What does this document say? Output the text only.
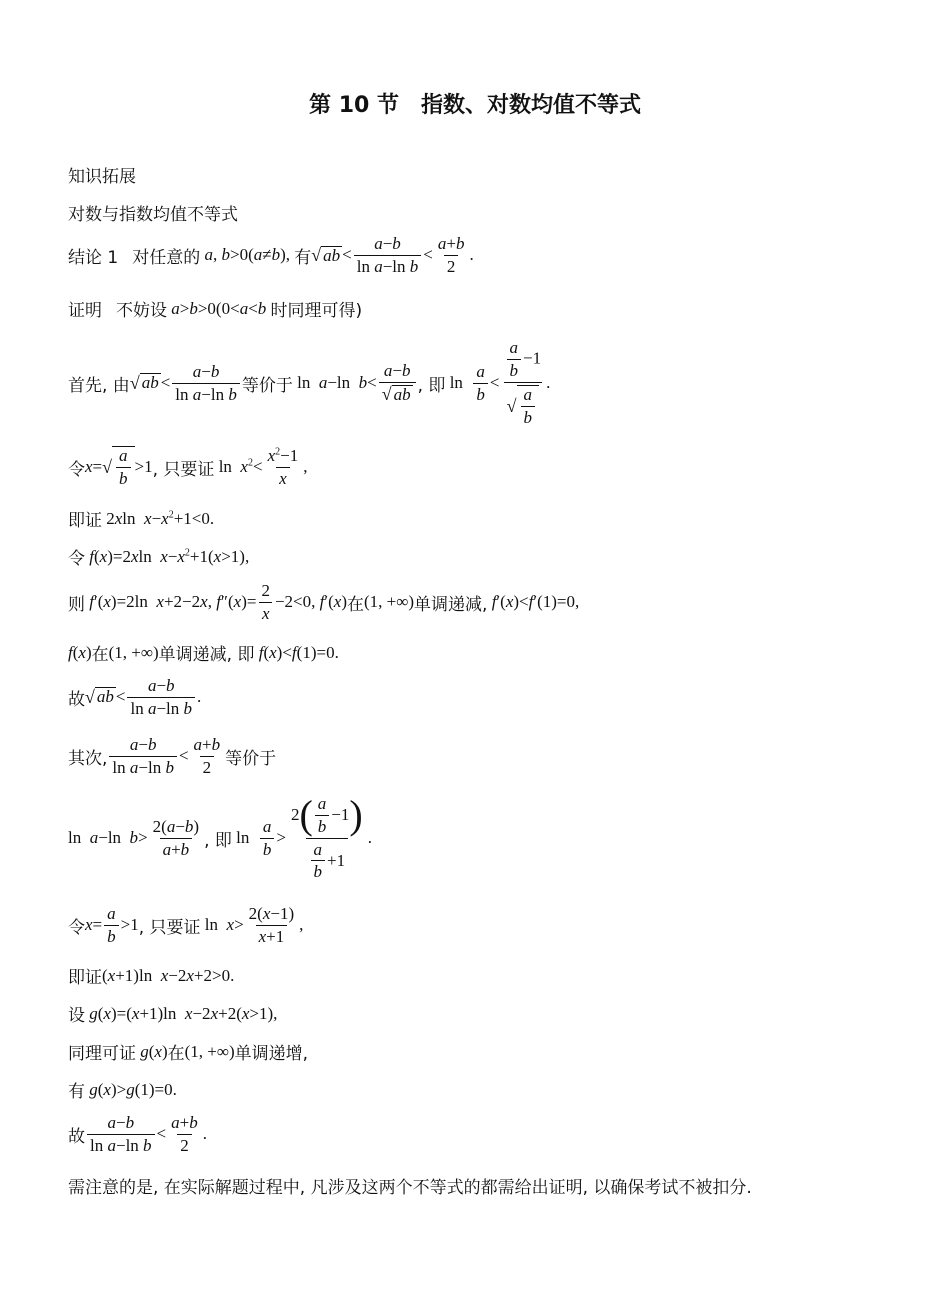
第 10 节　指数、对数均值不等式
知识拓展
对数与指数均值不等式
结论 1 对任意的 a, b>0(a≠b), 有 √ ab < $\frac{a-b}{\text{ln a−ln b}} < \frac{a+b}{2}$ .
证明 不妨设 a>b>0(0<a<b 时同理可得)
首先, 由 √ ab < $\frac{a-b}{\text{ln a−ln b}}$ 等价于 ln  a−ln  $b< \frac{a-b}{√ ab}$ , 即 $\ln \frac{a}{b} < \frac{\frac{a}{b} -1}{√ \frac{a}{b}}$ .
令 x= √ $\frac{a}{b} >1$ , 只要证 $\ln x^2< \frac{x^2-1}{x}$ ,
即证 2xln  $x-x^2+1<0$.
令 f(x)=2xln  $x-x^2+1(x>1)$,
则 f′(x)=2ln  x+2−2x, $f''(x)= \frac{2}{x} -2<0$, f′(x) 在 (1, +∞) 单调递减, f′(x)<f′(1)=0,
f(x) 在 (1, +∞) 单调递减, 即 f(x)<f(1)=0.
故 √ ab < $\frac{a-b}{\text{ln a−ln b}}$ .
其次, $\frac{a-b}{\text{ln a−ln b}} < \frac{a+b}{2}$ 等价于
ln  a−ln  $b> \frac{2(a-b)}{a+b}$ , 即 $\ln \frac{a}{b} > \frac{2 ( \frac{a}{b} -1 )}{\frac{a}{b} +1}$ .
令 $x= \frac{a}{b} >1$ , 只要证 $\ln x> \frac{2(x-1)}{x+1}$ ,
即证 (x+1)ln  x−2x+2>0.
设 g(x)=(x+1)ln  x−2x+2(x>1),
同理可证 g(x) 在 (1, +∞) 单调递增,
有 g(x)>g(1)=0.
故 $\frac{a-b}{\text{ln a−ln b}} < \frac{a+b}{2}$ .
需注意的是, 在实际解题过程中, 凡涉及这两个不等式的都需给出证明, 以确保考试不被扣分.
